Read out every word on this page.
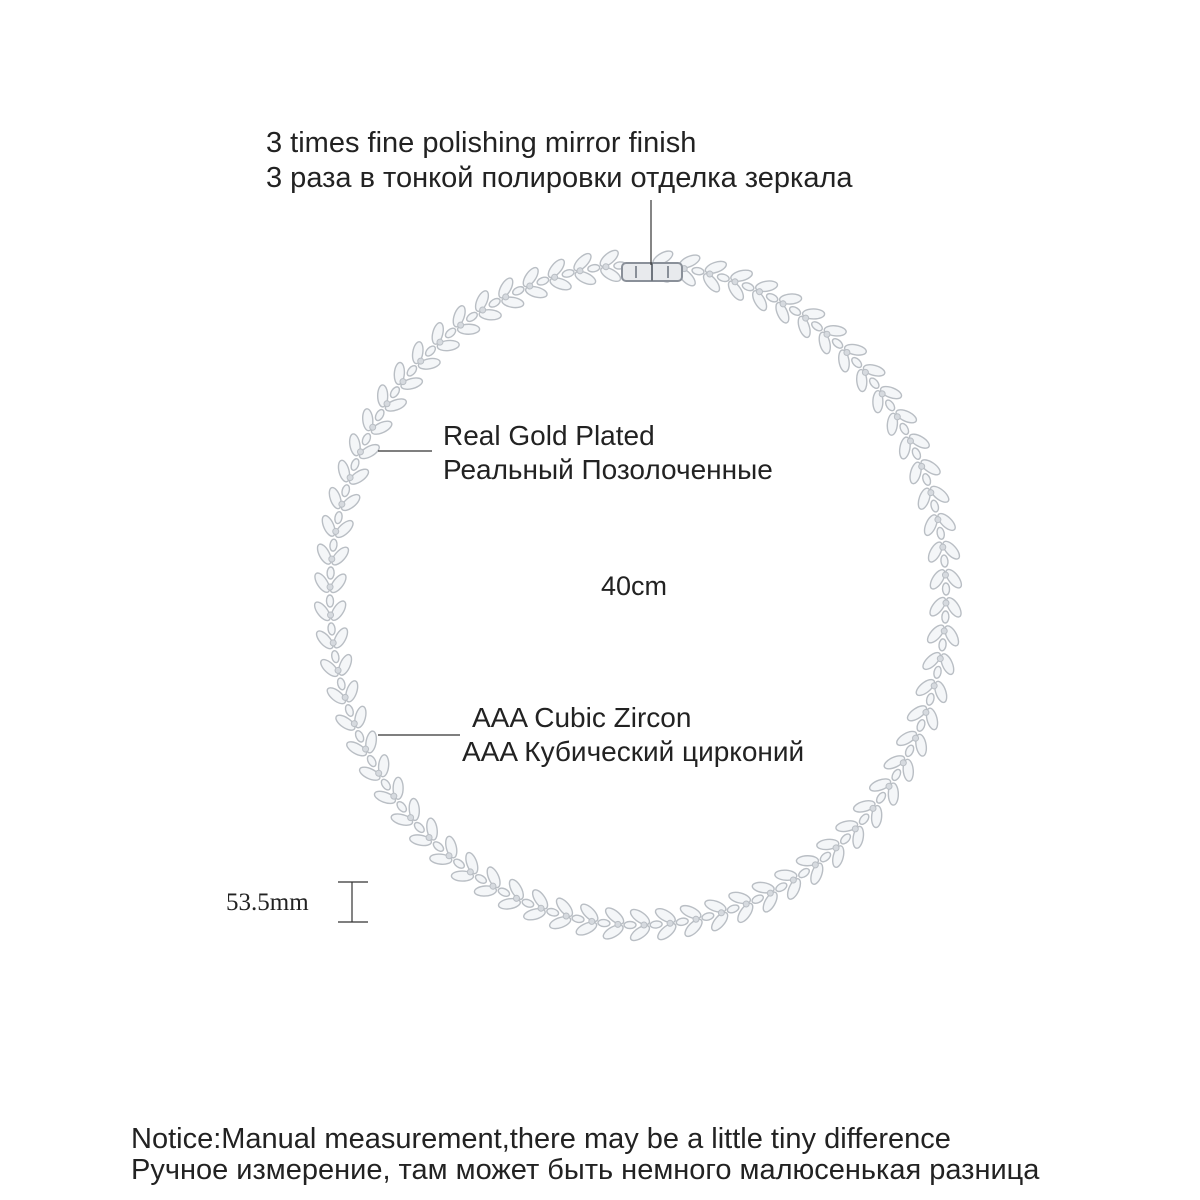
3 times fine polishing mirror finish
3 раза в тонкой полировки отделка зеркала
Real Gold Plated
Реальный Позолоченные
40cm
AAA Cubic Zircon
AAA Кубический цирконий
53.5mm
Notice:Manual measurement,there may be a little tiny difference
Ручное измерение, там может быть немного малюсенькая разница
